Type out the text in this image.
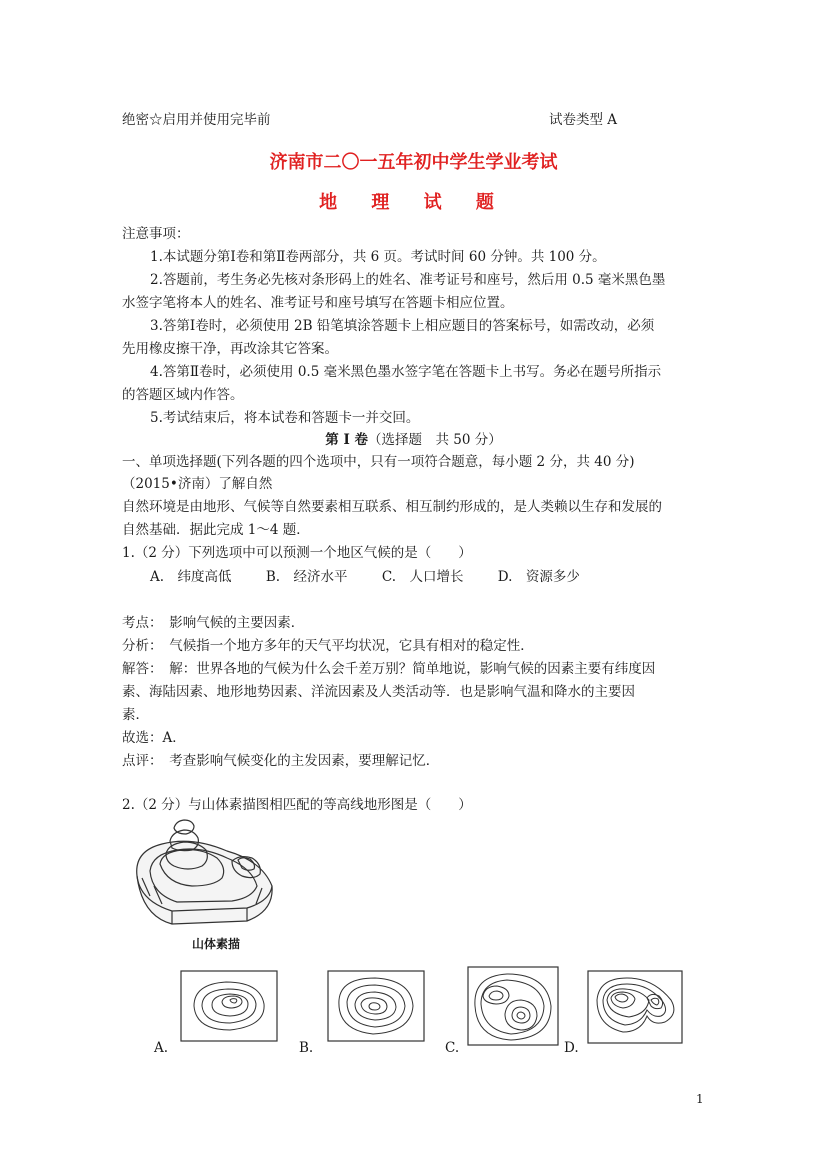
绝密☆启用并使用完毕前	试卷类型 A
济南市二〇一五年初中学生学业考试
地 理 试 题
注意事项：
1.本试题分第Ⅰ卷和第Ⅱ卷两部分，共 6 页。考试时间 60 分钟。共 100 分。
2.答题前，考生务必先核对条形码上的姓名、准考证号和座号，然后用 0.5 毫米黑色墨
水签字笔将本人的姓名、准考证号和座号填写在答题卡相应位置。
3.答第Ⅰ卷时，必须使用 2B 铅笔填涂答题卡上相应题目的答案标号，如需改动，必须
先用橡皮擦干净，再改涂其它答案。
4.答第Ⅱ卷时，必须使用 0.5 毫米黑色墨水签字笔在答题卡上书写。务必在题号所指示
的答题区域内作答。
5.考试结束后，将本试卷和答题卡一并交回。
第 I 卷（选择题　共 50 分）
一、单项选择题(下列各题的四个选项中，只有一项符合题意，每小题 2 分，共 40 分)
（2015•济南）了解自然
自然环境是由地形、气候等自然要素相互联系、相互制约形成的，是人类赖以生存和发展的
自然基础．据此完成 1～4 题．
1.（2 分）下列选项中可以预测一个地区气候的是（　　）
A.　纬度高低	B.　经济水平	C.　人口增长	D.　资源多少
考点：　影响气候的主要因素．
分析：　气候指一个地方多年的天气平均状况，它具有相对的稳定性．
解答：　解：世界各地的气候为什么会千差万别？简单地说，影响气候的因素主要有纬度因
素、海陆因素、地形地势因素、洋流因素及人类活动等．也是影响气温和降水的主要因
素．
故选：A．
点评：　考查影响气候变化的主发因素，要理解记忆．
2.（2 分）与山体素描图相匹配的等高线地形图是（　　）
山体素描
A.	B.	C.	D.
1
